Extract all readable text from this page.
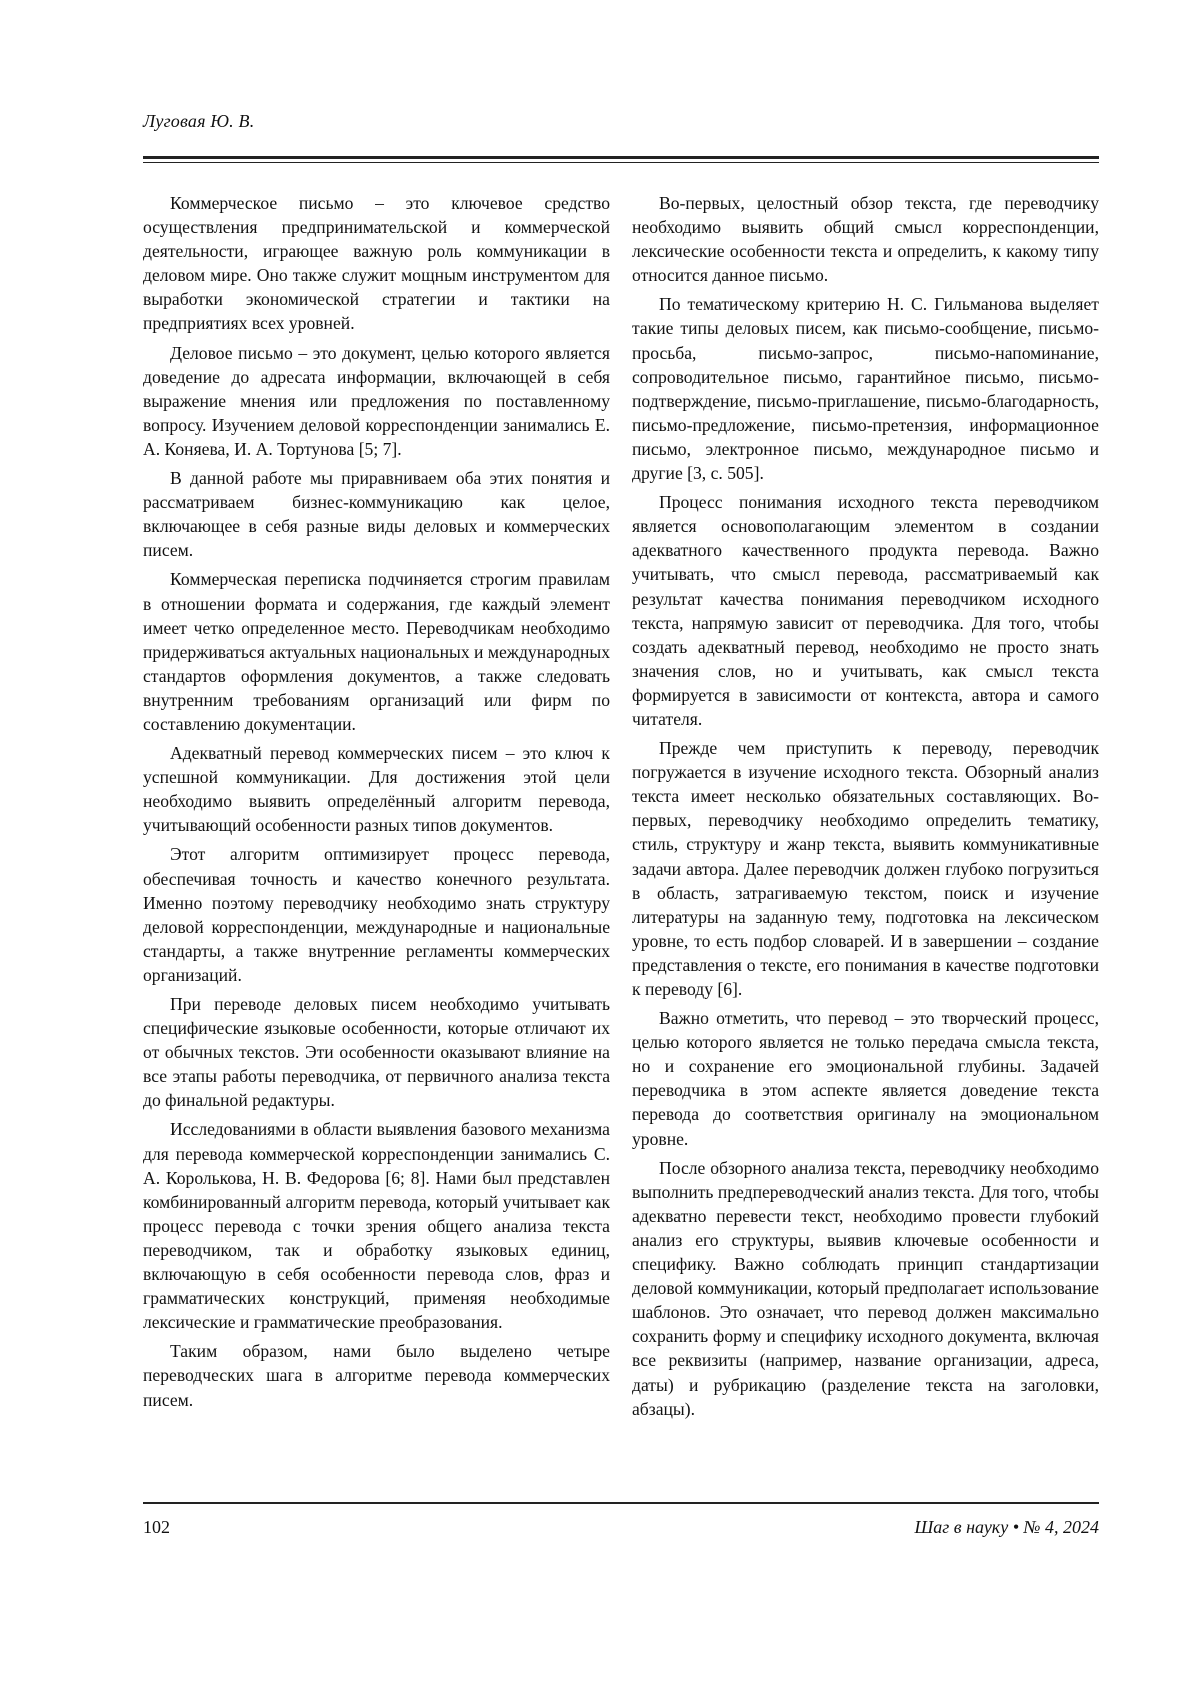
Луговая Ю. В.

Коммерческое письмо – это ключевое средство осуществления предпринимательской и коммерческой деятельности, играющее важную роль коммуникации в деловом мире. Оно также служит мощным инструментом для выработки экономической стратегии и тактики на предприятиях всех уровней.

Деловое письмо – это документ, целью которого является доведение до адресата информации, включающей в себя выражение мнения или предложения по поставленному вопросу. Изучением деловой корреспонденции занимались Е. А. Коняева, И. А. Тортунова [5; 7].

В данной работе мы приравниваем оба этих понятия и рассматриваем бизнес-коммуникацию как целое, включающее в себя разные виды деловых и коммерческих писем.

Коммерческая переписка подчиняется строгим правилам в отношении формата и содержания, где каждый элемент имеет четко определенное место. Переводчикам необходимо придерживаться актуальных национальных и международных стандартов оформления документов, а также следовать внутренним требованиям организаций или фирм по составлению документации.

Адекватный перевод коммерческих писем – это ключ к успешной коммуникации. Для достижения этой цели необходимо выявить определённый алгоритм перевода, учитывающий особенности разных типов документов.

Этот алгоритм оптимизирует процесс перевода, обеспечивая точность и качество конечного результата. Именно поэтому переводчику необходимо знать структуру деловой корреспонденции, международные и национальные стандарты, а также внутренние регламенты коммерческих организаций.

При переводе деловых писем необходимо учитывать специфические языковые особенности, которые отличают их от обычных текстов. Эти особенности оказывают влияние на все этапы работы переводчика, от первичного анализа текста до финальной редактуры.

Исследованиями в области выявления базового механизма для перевода коммерческой корреспонденции занимались С. А. Королькова, Н. В. Федорова [6; 8]. Нами был представлен комбинированный алгоритм перевода, который учитывает как процесс перевода с точки зрения общего анализа текста переводчиком, так и обработку языковых единиц, включающую в себя особенности перевода слов, фраз и грамматических конструкций, применяя необходимые лексические и грамматические преобразования.

Таким образом, нами было выделено четыре переводческих шага в алгоритме перевода коммерческих писем.

Во-первых, целостный обзор текста, где переводчику необходимо выявить общий смысл корреспонденции, лексические особенности текста и определить, к какому типу относится данное письмо.

По тематическому критерию Н. С. Гильманова выделяет такие типы деловых писем, как письмо-сообщение, письмо-просьба, письмо-запрос, письмо-напоминание, сопроводительное письмо, гарантийное письмо, письмо-подтверждение, письмо-приглашение, письмо-благодарность, письмо-предложение, письмо-претензия, информационное письмо, электронное письмо, международное письмо и другие [3, с. 505].

Процесс понимания исходного текста переводчиком является основополагающим элементом в создании адекватного качественного продукта перевода. Важно учитывать, что смысл перевода, рассматриваемый как результат качества понимания переводчиком исходного текста, напрямую зависит от переводчика. Для того, чтобы создать адекватный перевод, необходимо не просто знать значения слов, но и учитывать, как смысл текста формируется в зависимости от контекста, автора и самого читателя.

Прежде чем приступить к переводу, переводчик погружается в изучение исходного текста. Обзорный анализ текста имеет несколько обязательных составляющих. Во-первых, переводчику необходимо определить тематику, стиль, структуру и жанр текста, выявить коммуникативные задачи автора. Далее переводчик должен глубоко погрузиться в область, затрагиваемую текстом, поиск и изучение литературы на заданную тему, подготовка на лексическом уровне, то есть подбор словарей. И в завершении – создание представления о тексте, его понимания в качестве подготовки к переводу [6].

Важно отметить, что перевод – это творческий процесс, целью которого является не только передача смысла текста, но и сохранение его эмоциональной глубины. Задачей переводчика в этом аспекте является доведение текста перевода до соответствия оригиналу на эмоциональном уровне.

После обзорного анализа текста, переводчику необходимо выполнить предпереводческий анализ текста. Для того, чтобы адекватно перевести текст, необходимо провести глубокий анализ его структуры, выявив ключевые особенности и специфику. Важно соблюдать принцип стандартизации деловой коммуникации, который предполагает использование шаблонов. Это означает, что перевод должен максимально сохранить форму и специфику исходного документа, включая все реквизиты (например, название организации, адреса, даты) и рубрикацию (разделение текста на заголовки, абзацы).

102	Шаг в науку • № 4, 2024
